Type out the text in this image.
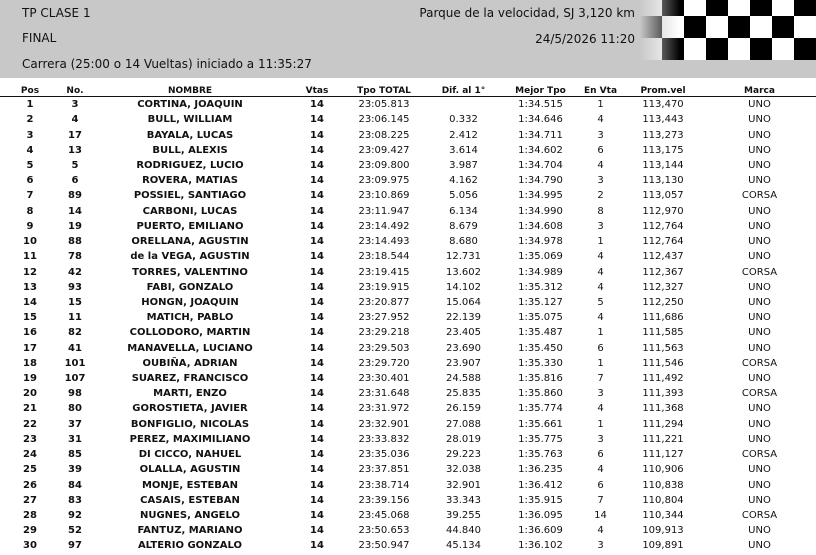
TP CLASE 1
FINAL
Carrera (25:00 o 14 Vueltas) iniciado a 11:35:27
Parque de la velocidad, SJ 3,120 km
24/5/2026 11:20
Pos	No.	NOMBRE	Vtas	Tpo TOTAL	Dif. al 1°	Mejor Tpo	En Vta	Prom.vel	Marca
1	3	CORTINA, JOAQUIN	14	23:05.813		1:34.515	1	113,470	UNO
2	4	BULL, WILLIAM	14	23:06.145	0.332	1:34.646	4	113,443	UNO
3	17	BAYALA, LUCAS	14	23:08.225	2.412	1:34.711	3	113,273	UNO
4	13	BULL, ALEXIS	14	23:09.427	3.614	1:34.602	6	113,175	UNO
5	5	RODRIGUEZ, LUCIO	14	23:09.800	3.987	1:34.704	4	113,144	UNO
6	6	ROVERA, MATIAS	14	23:09.975	4.162	1:34.790	3	113,130	UNO
7	89	POSSIEL, SANTIAGO	14	23:10.869	5.056	1:34.995	2	113,057	CORSA
8	14	CARBONI, LUCAS	14	23:11.947	6.134	1:34.990	8	112,970	UNO
9	19	PUERTO, EMILIANO	14	23:14.492	8.679	1:34.608	3	112,764	UNO
10	88	ORELLANA, AGUSTIN	14	23:14.493	8.680	1:34.978	1	112,764	UNO
11	78	de la VEGA, AGUSTIN	14	23:18.544	12.731	1:35.069	4	112,437	UNO
12	42	TORRES, VALENTINO	14	23:19.415	13.602	1:34.989	4	112,367	CORSA
13	93	FABI, GONZALO	14	23:19.915	14.102	1:35.312	4	112,327	UNO
14	15	HONGN, JOAQUIN	14	23:20.877	15.064	1:35.127	5	112,250	UNO
15	11	MATICH, PABLO	14	23:27.952	22.139	1:35.075	4	111,686	UNO
16	82	COLLODORO, MARTIN	14	23:29.218	23.405	1:35.487	1	111,585	UNO
17	41	MANAVELLA, LUCIANO	14	23:29.503	23.690	1:35.450	6	111,563	UNO
18	101	OUBIÑA, ADRIAN	14	23:29.720	23.907	1:35.330	1	111,546	CORSA
19	107	SUAREZ, FRANCISCO	14	23:30.401	24.588	1:35.816	7	111,492	UNO
20	98	MARTI, ENZO	14	23:31.648	25.835	1:35.860	3	111,393	CORSA
21	80	GOROSTIETA, JAVIER	14	23:31.972	26.159	1:35.774	4	111,368	UNO
22	37	BONFIGLIO, NICOLAS	14	23:32.901	27.088	1:35.661	1	111,294	UNO
23	31	PEREZ, MAXIMILIANO	14	23:33.832	28.019	1:35.775	3	111,221	UNO
24	85	DI CICCO, NAHUEL	14	23:35.036	29.223	1:35.763	6	111,127	CORSA
25	39	OLALLA, AGUSTIN	14	23:37.851	32.038	1:36.235	4	110,906	UNO
26	84	MONJE, ESTEBAN	14	23:38.714	32.901	1:36.412	6	110,838	UNO
27	83	CASAIS, ESTEBAN	14	23:39.156	33.343	1:35.915	7	110,804	UNO
28	92	NUGNES, ANGELO	14	23:45.068	39.255	1:36.095	14	110,344	CORSA
29	52	FANTUZ, MARIANO	14	23:50.653	44.840	1:36.609	4	109,913	UNO
30	97	ALTERIO GONZALO	14	23:50.947	45.134	1:36.102	3	109,891	UNO
